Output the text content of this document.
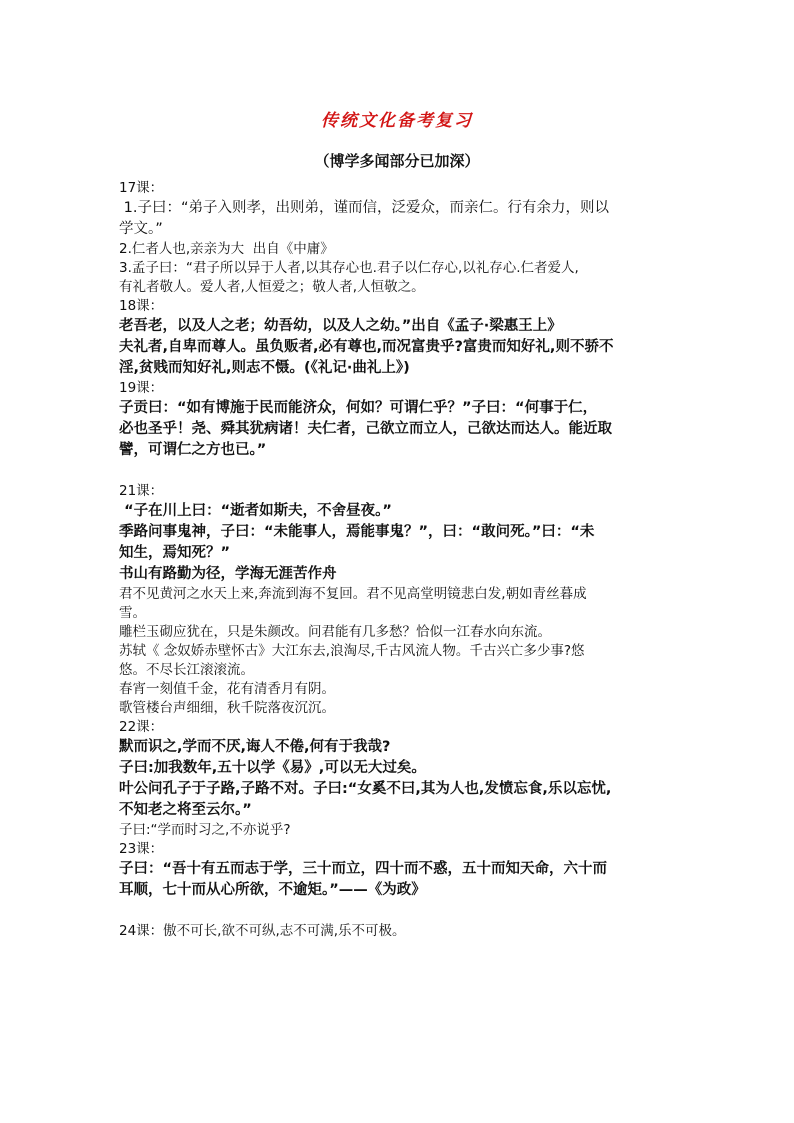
传统文化备考复习
（博学多闻部分已加深）
17课：
1.子曰：“弟子入则孝，出则弟，谨而信，泛爱众，而亲仁。行有余力，则以
学文。”
2.仁者人也,亲亲为大  出自《中庸》
3.孟子曰：“君子所以异于人者,以其存心也.君子以仁存心,以礼存心.仁者爱人,
有礼者敬人。爱人者,人恒爱之；敬人者,人恒敬之。
18课：
老吾老，以及人之老；幼吾幼，以及人之幼。”出自《孟子·梁惠王上》
夫礼者,自卑而尊人。虽负贩者,必有尊也,而况富贵乎?富贵而知好礼,则不骄不
淫,贫贱而知好礼,则志不慑。(《礼记·曲礼上》)
19课：
子贡曰：“如有博施于民而能济众，何如？可谓仁乎？”子曰：“何事于仁，
必也圣乎！尧、舜其犹病诸！夫仁者，己欲立而立人，己欲达而达人。能近取
譬，可谓仁之方也已。”
21课：
“子在川上曰：“逝者如斯夫，不舍昼夜。”
季路问事鬼神，子曰：“未能事人，焉能事鬼？”，曰：“敢问死。”曰：“未
知生，焉知死？”
书山有路勤为径，学海无涯苦作舟
君不见黄河之水天上来,奔流到海不复回。君不见高堂明镜悲白发,朝如青丝暮成
雪。
雕栏玉砌应犹在，只是朱颜改。问君能有几多愁？恰似一江春水向东流。
苏轼《 念奴娇赤壁怀古》大江东去,浪淘尽,千古风流人物。千古兴亡多少事?悠
悠。不尽长江滚滚流。
春宵一刻值千金，花有清香月有阴。
歌管楼台声细细，秋千院落夜沉沉。
22课：
默而识之,学而不厌,诲人不倦,何有于我哉?
子曰:加我数年,五十以学《易》,可以无大过矣。
叶公问孔子于子路,子路不对。子曰:“女奚不曰,其为人也,发愤忘食,乐以忘忧,
不知老之将至云尔。”
子曰:“学而时习之,不亦说乎?
23课：
子曰：“吾十有五而志于学，三十而立，四十而不惑，五十而知天命，六十而
耳顺，七十而从心所欲，不逾矩。”——《为政》
24课：傲不可长,欲不可纵,志不可满,乐不可极。
